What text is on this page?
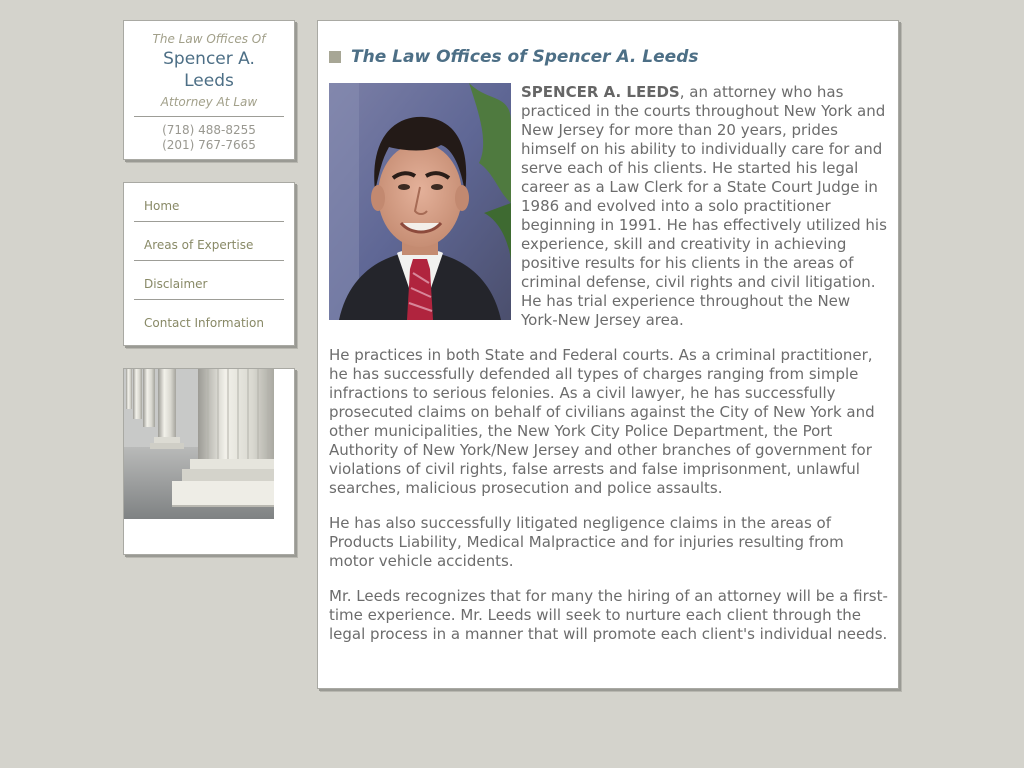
The Law Offices Of
Spencer A. Leeds
Attorney At Law
(718) 488-8255
(201) 767-7665
Home
Areas of Expertise
Disclaimer
Contact Information
The Law Offices of Spencer A. Leeds

SPENCER A. LEEDS, an attorney who has practiced in the courts throughout New York and New Jersey for more than 20 years, prides himself on his ability to individually care for and serve each of his clients. He started his legal career as a Law Clerk for a State Court Judge in 1986 and evolved into a solo practitioner beginning in 1991. He has effectively utilized his experience, skill and creativity in achieving positive results for his clients in the areas of criminal defense, civil rights and civil litigation. He has trial experience throughout the New York-New Jersey area.

He practices in both State and Federal courts. As a criminal practitioner, he has successfully defended all types of charges ranging from simple infractions to serious felonies. As a civil lawyer, he has successfully prosecuted claims on behalf of civilians against the City of New York and other municipalities, the New York City Police Department, the Port Authority of New York/New Jersey and other branches of government for violations of civil rights, false arrests and false imprisonment, unlawful searches, malicious prosecution and police assaults.

He has also successfully litigated negligence claims in the areas of Products Liability, Medical Malpractice and for injuries resulting from motor vehicle accidents.

Mr. Leeds recognizes that for many the hiring of an attorney will be a first-time experience. Mr. Leeds will seek to nurture each client through the legal process in a manner that will promote each client's individual needs.
